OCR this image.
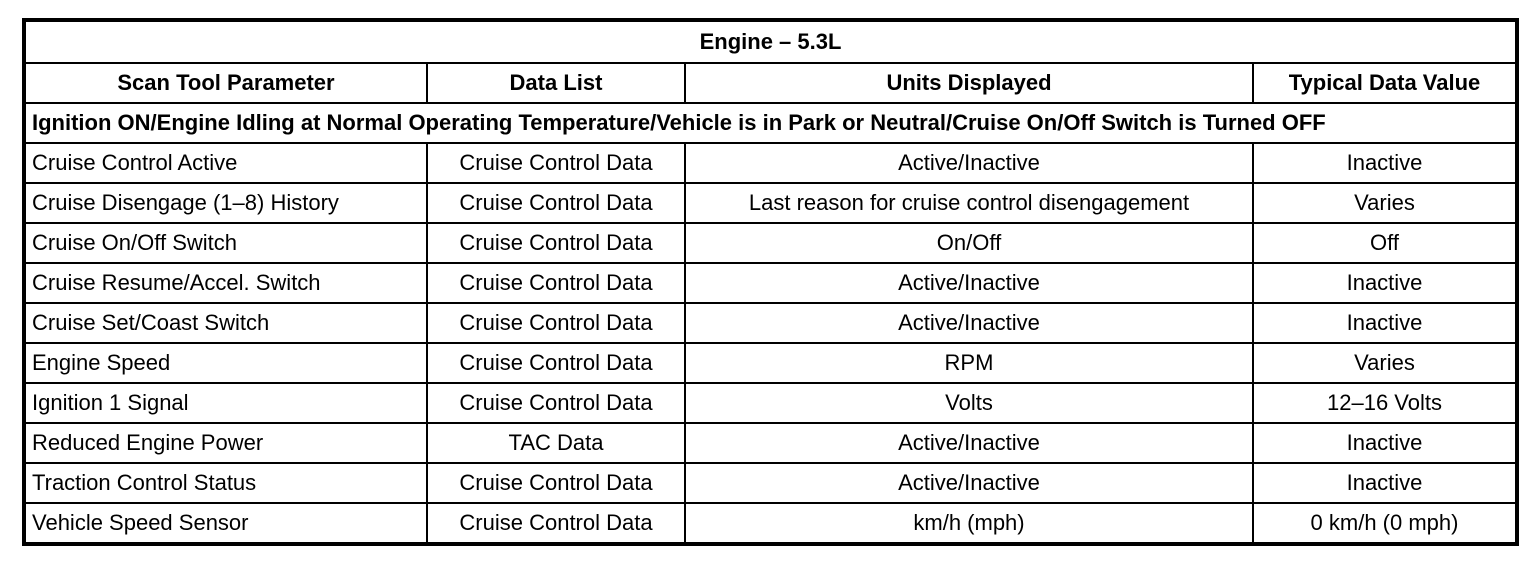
Engine – 5.3L			
Scan Tool Parameter	Data List	Units Displayed	Typical Data Value
Ignition ON/Engine Idling at Normal Operating Temperature/Vehicle is in Park or Neutral/Cruise On/Off Switch is Turned OFF			
Cruise Control Active	Cruise Control Data	Active/Inactive	Inactive
Cruise Disengage (1–8) History	Cruise Control Data	Last reason for cruise control disengagement	Varies
Cruise On/Off Switch	Cruise Control Data	On/Off	Off
Cruise Resume/Accel. Switch	Cruise Control Data	Active/Inactive	Inactive
Cruise Set/Coast Switch	Cruise Control Data	Active/Inactive	Inactive
Engine Speed	Cruise Control Data	RPM	Varies
Ignition 1 Signal	Cruise Control Data	Volts	12–16 Volts
Reduced Engine Power	TAC Data	Active/Inactive	Inactive
Traction Control Status	Cruise Control Data	Active/Inactive	Inactive
Vehicle Speed Sensor	Cruise Control Data	km/h (mph)	0 km/h (0 mph)
